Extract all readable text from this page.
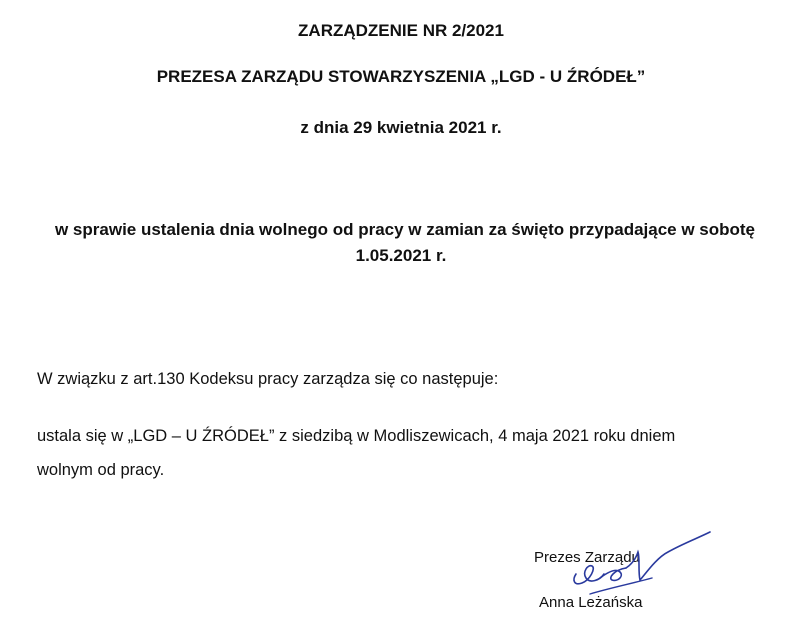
ZARZĄDZENIE NR 2/2021
PREZESA ZARZĄDU STOWARZYSZENIA „LGD - U ŹRÓDEŁ”
z dnia 29 kwietnia 2021 r.
w sprawie ustalenia dnia wolnego od pracy w zamian za święto przypadające w sobotę
1.05.2021 r.
W związku z art.130 Kodeksu pracy zarządza się co następuje:
ustala się w „LGD – U ŹRÓDEŁ” z siedzibą w Modliszewicach, 4 maja 2021 roku dniem
wolnym od pracy.
Prezes Zarządu
Anna Leżańska
